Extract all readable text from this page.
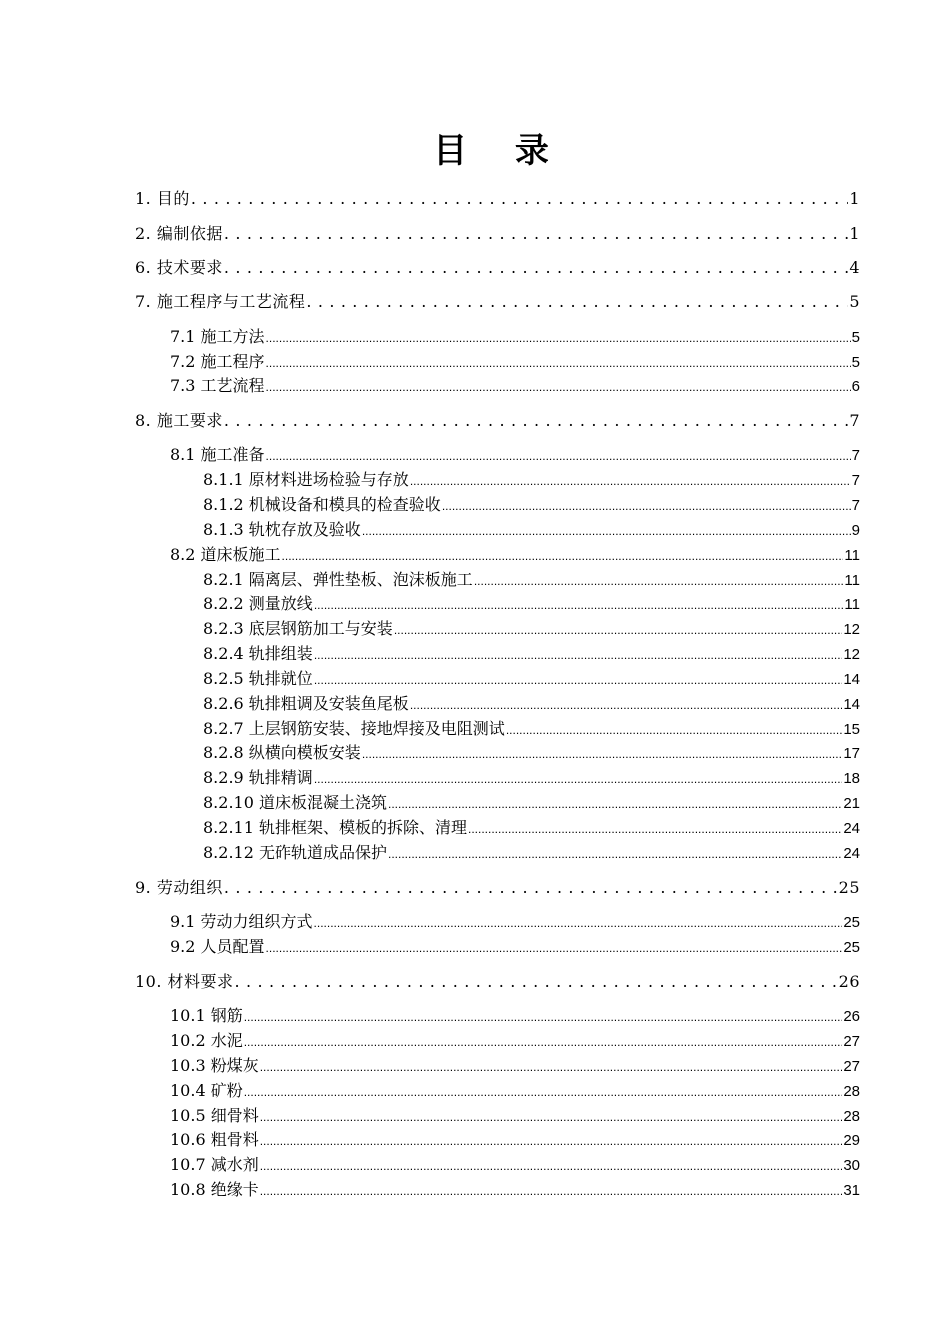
目 录
1. 目的 .....	1
2. 编制依据 .....	1
6. 技术要求 .....	4
7. 施工程序与工艺流程 .....	5
7.1 施工方法 .....	5
7.2 施工程序 .....	5
7.3 工艺流程 .....	6
8. 施工要求 .....	7
8.1 施工准备 .....	7
8.1.1 原材料进场检验与存放 .....	7
8.1.2 机械设备和模具的检查验收 .....	7
8.1.3 轨枕存放及验收 .....	9
8.2 道床板施工 .....	11
8.2.1 隔离层、弹性垫板、泡沫板施工 .....	11
8.2.2 测量放线 .....	11
8.2.3 底层钢筋加工与安装 .....	12
8.2.4 轨排组装 .....	12
8.2.5 轨排就位 .....	14
8.2.6 轨排粗调及安装鱼尾板 .....	14
8.2.7 上层钢筋安装、接地焊接及电阻测试 .....	15
8.2.8 纵横向模板安装 .....	17
8.2.9 轨排精调 .....	18
8.2.10 道床板混凝土浇筑 .....	21
8.2.11 轨排框架、模板的拆除、清理 .....	24
8.2.12 无砟轨道成品保护 .....	24
9. 劳动组织 .....	25
9.1 劳动力组织方式 .....	25
9.2 人员配置 .....	25
10. 材料要求 .....	26
10.1 钢筋 .....	26
10.2 水泥 .....	27
10.3 粉煤灰 .....	27
10.4 矿粉 .....	28
10.5 细骨料 .....	28
10.6 粗骨料 .....	29
10.7 减水剂 .....	30
10.8 绝缘卡 .....	31
